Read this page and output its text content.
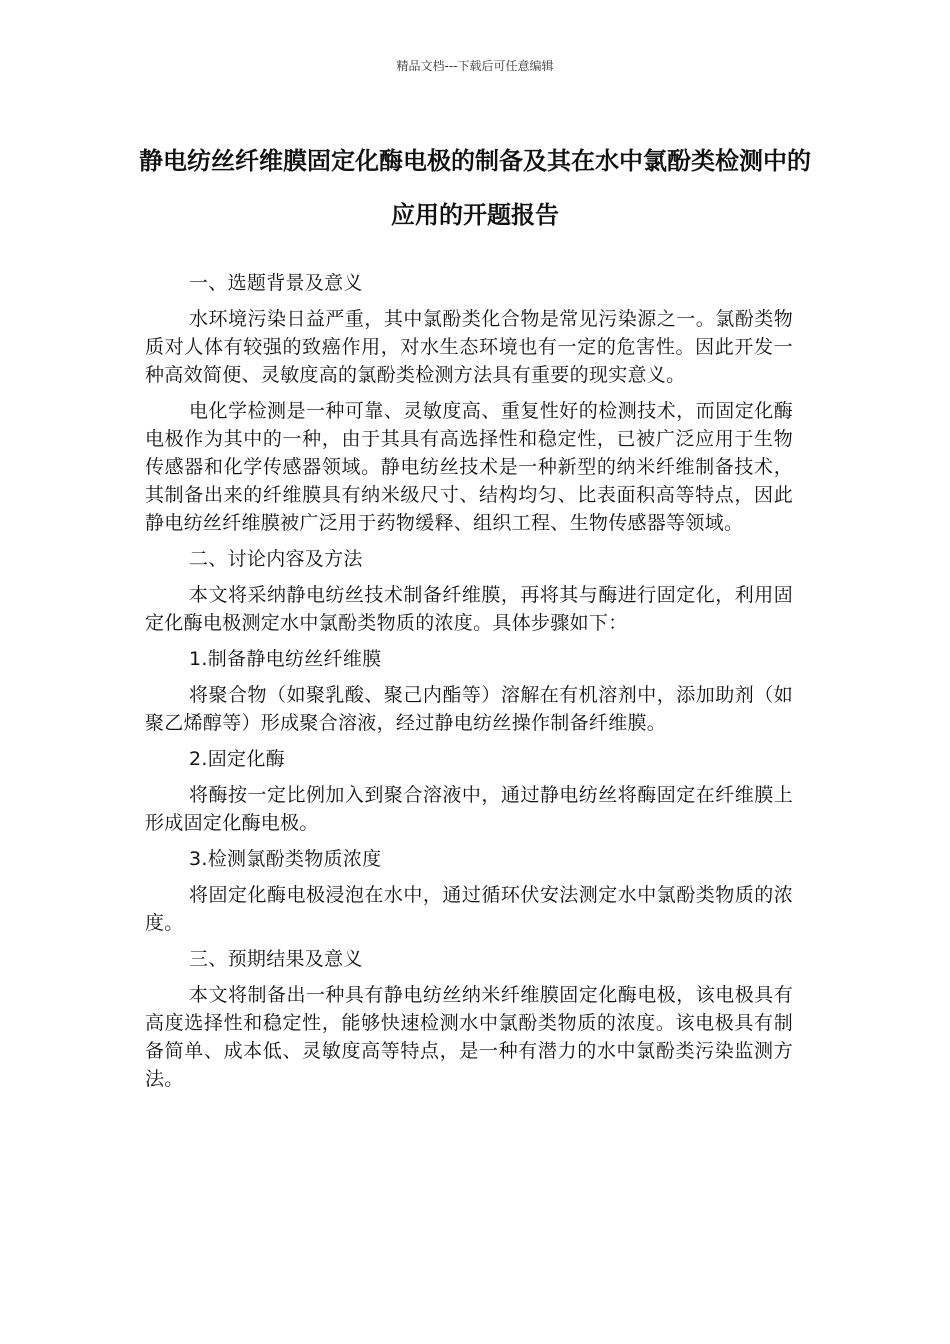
精品文档---下载后可任意编辑
静电纺丝纤维膜固定化酶电极的制备及其在水中氯酚类检测中的应用的开题报告

一、选题背景及意义

水环境污染日益严重，其中氯酚类化合物是常见污染源之一。氯酚类物质对人体有较强的致癌作用，对水生态环境也有一定的危害性。因此开发一种高效简便、灵敏度高的氯酚类检测方法具有重要的现实意义。

电化学检测是一种可靠、灵敏度高、重复性好的检测技术，而固定化酶电极作为其中的一种，由于其具有高选择性和稳定性，已被广泛应用于生物传感器和化学传感器领域。静电纺丝技术是一种新型的纳米纤维制备技术，其制备出来的纤维膜具有纳米级尺寸、结构均匀、比表面积高等特点，因此静电纺丝纤维膜被广泛用于药物缓释、组织工程、生物传感器等领域。

二、讨论内容及方法

本文将采纳静电纺丝技术制备纤维膜，再将其与酶进行固定化，利用固定化酶电极测定水中氯酚类物质的浓度。具体步骤如下：

1.制备静电纺丝纤维膜

将聚合物（如聚乳酸、聚己内酯等）溶解在有机溶剂中，添加助剂（如聚乙烯醇等）形成聚合溶液，经过静电纺丝操作制备纤维膜。

2.固定化酶

将酶按一定比例加入到聚合溶液中，通过静电纺丝将酶固定在纤维膜上形成固定化酶电极。

3.检测氯酚类物质浓度

将固定化酶电极浸泡在水中，通过循环伏安法测定水中氯酚类物质的浓度。

三、预期结果及意义

本文将制备出一种具有静电纺丝纳米纤维膜固定化酶电极，该电极具有高度选择性和稳定性，能够快速检测水中氯酚类物质的浓度。该电极具有制备简单、成本低、灵敏度高等特点，是一种有潜力的水中氯酚类污染监测方法。
